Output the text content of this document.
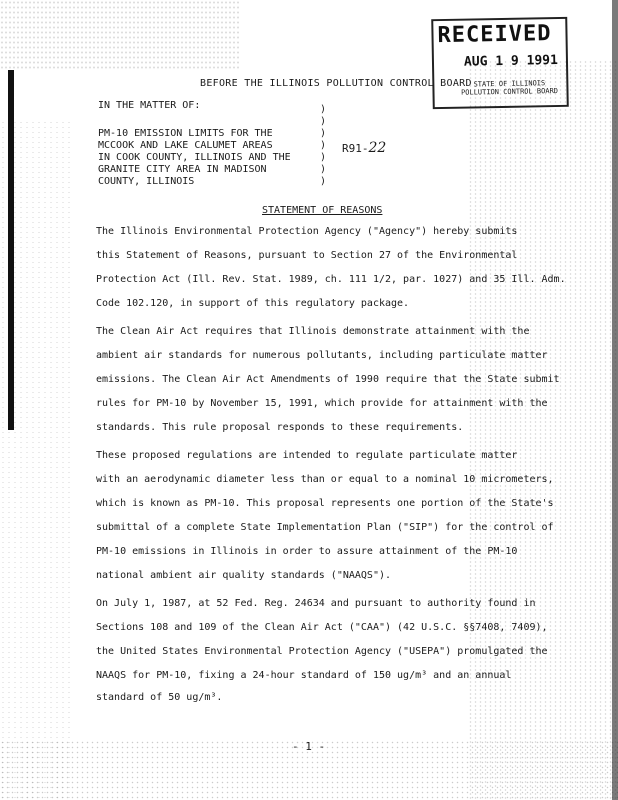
RECEIVED
AUG 1 9 1991
STATE OF ILLINOIS
POLLUTION CONTROL BOARD
BEFORE THE ILLINOIS POLLUTION CONTROL BOARD
IN THE MATTER OF:
PM-10 EMISSION LIMITS FOR THE
MCCOOK AND LAKE CALUMET AREAS
IN COOK COUNTY, ILLINOIS AND THE
GRANITE CITY AREA IN MADISON
COUNTY, ILLINOIS
)
)
)
)
)
)
)
R91-22
STATEMENT OF REASONS
The Illinois Environmental Protection Agency ("Agency") hereby submits
this Statement of Reasons, pursuant to Section 27 of the Environmental
Protection Act (Ill. Rev. Stat. 1989, ch. 111 1/2, par. 1027) and 35 Ill. Adm.
Code 102.120, in support of this regulatory package.
The Clean Air Act requires that Illinois demonstrate attainment with the
ambient air standards for numerous pollutants, including particulate matter
emissions. The Clean Air Act Amendments of 1990 require that the State submit
rules for PM-10 by November 15, 1991, which provide for attainment with the
standards. This rule proposal responds to these requirements.
These proposed regulations are intended to regulate particulate matter
with an aerodynamic diameter less than or equal to a nominal 10 micrometers,
which is known as PM-10. This proposal represents one portion of the State's
submittal of a complete State Implementation Plan ("SIP") for the control of
PM-10 emissions in Illinois in order to assure attainment of the PM-10
national ambient air quality standards ("NAAQS").
On July 1, 1987, at 52 Fed. Reg. 24634 and pursuant to authority found in
Sections 108 and 109 of the Clean Air Act ("CAA") (42 U.S.C. §§7408, 7409),
the United States Environmental Protection Agency ("USEPA") promulgated the
NAAQS for PM-10, fixing a 24-hour standard of 150 ug/m³ and an annual
standard of 50 ug/m³.
- 1 -
